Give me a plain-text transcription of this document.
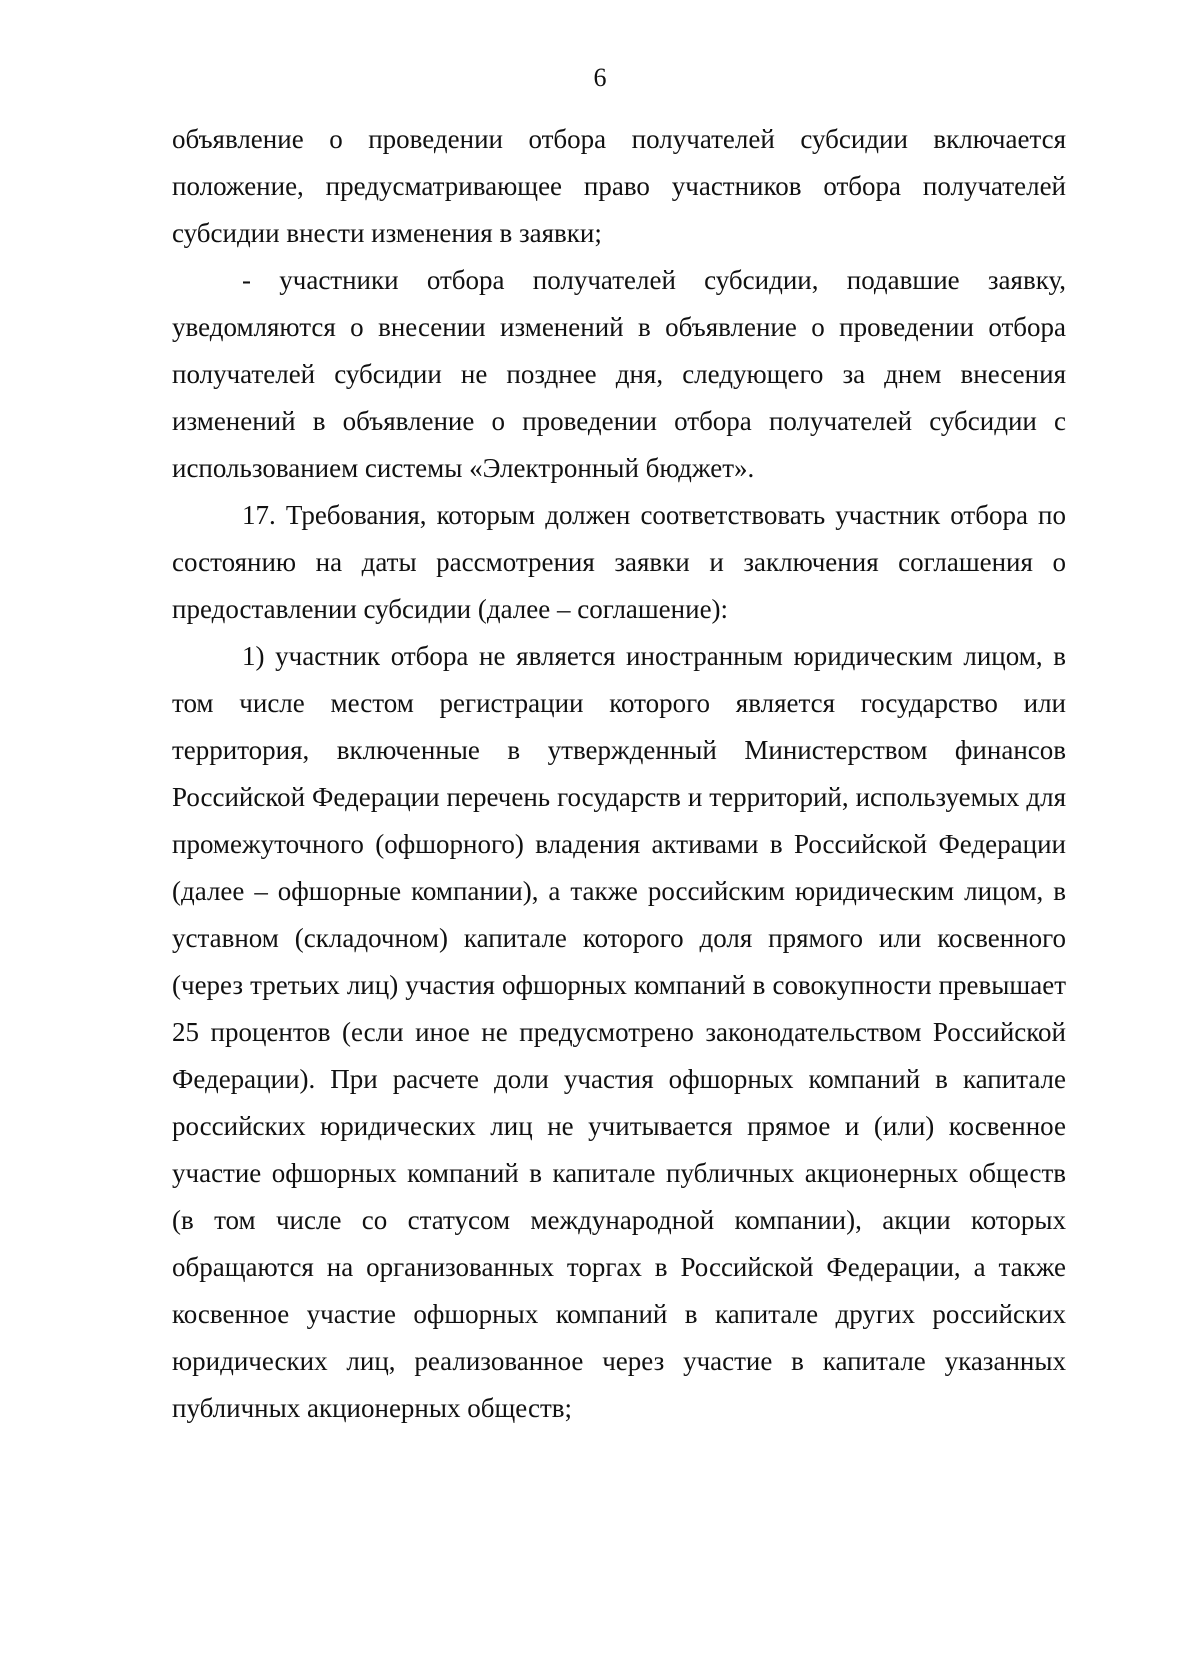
6

объявление о проведении отбора получателей субсидии включается положение, предусматривающее право участников отбора получателей субсидии внести изменения в заявки;

- участники отбора получателей субсидии, подавшие заявку, уведомляются о внесении изменений в объявление о проведении отбора получателей субсидии не позднее дня, следующего за днем внесения изменений в объявление о проведении отбора получателей субсидии с использованием системы «Электронный бюджет».

17. Требования, которым должен соответствовать участник отбора по состоянию на даты рассмотрения заявки и заключения соглашения о предоставлении субсидии (далее – соглашение):

1) участник отбора не является иностранным юридическим лицом, в том числе местом регистрации которого является государство или территория, включенные в утвержденный Министерством финансов Российской Федерации перечень государств и территорий, используемых для промежуточного (офшорного) владения активами в Российской Федерации (далее – офшорные компании), а также российским юридическим лицом, в уставном (складочном) капитале которого доля прямого или косвенного (через третьих лиц) участия офшорных компаний в совокупности превышает 25 процентов (если иное не предусмотрено законодательством Российской Федерации). При расчете доли участия офшорных компаний в капитале российских юридических лиц не учитывается прямое и (или) косвенное участие офшорных компаний в капитале публичных акционерных обществ (в том числе со статусом международной компании), акции которых обращаются на организованных торгах в Российской Федерации, а также косвенное участие офшорных компаний в капитале других российских юридических лиц, реализованное через участие в капитале указанных публичных акционерных обществ;
